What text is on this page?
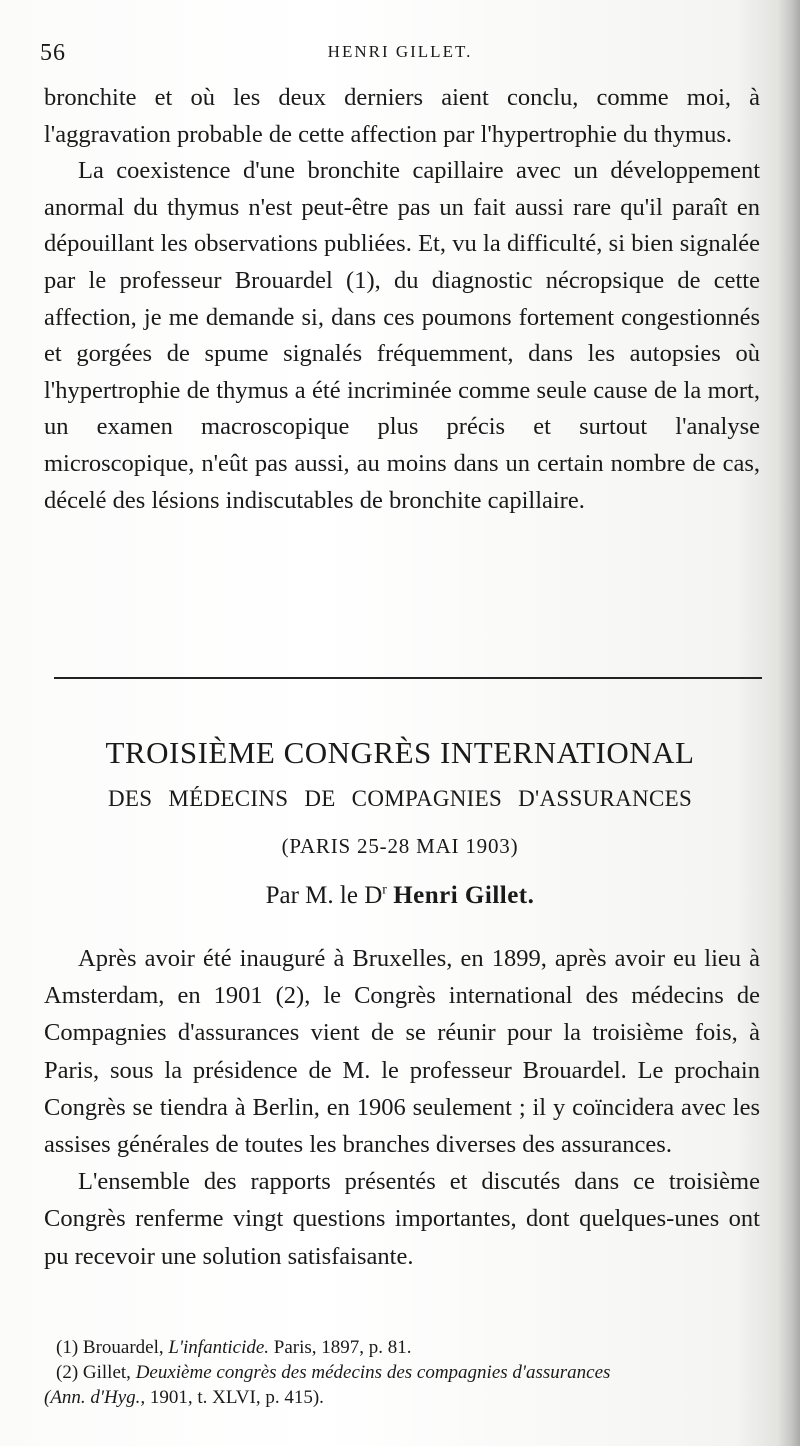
56	HENRI GILLET.

bronchite et où les deux derniers aient conclu, comme moi, à l'aggravation probable de cette affection par l'hypertrophie du thymus.

La coexistence d'une bronchite capillaire avec un développement anormal du thymus n'est peut-être pas un fait aussi rare qu'il paraît en dépouillant les observations publiées. Et, vu la difficulté, si bien signalée par le professeur Brouardel (1), du diagnostic nécropsique de cette affection, je me demande si, dans ces poumons fortement congestionnés et gorgées de spume signalés fréquemment, dans les autopsies où l'hypertrophie de thymus a été incriminée comme seule cause de la mort, un examen macroscopique plus précis et surtout l'analyse microscopique, n'eût pas aussi, au moins dans un certain nombre de cas, décelé des lésions indiscutables de bronchite capillaire.

TROISIÈME CONGRÈS INTERNATIONAL
DES MÉDECINS DE COMPAGNIES D'ASSURANCES
(PARIS 25-28 MAI 1903)
Par M. le $D^r$ Henri Gillet.

Après avoir été inauguré à Bruxelles, en 1899, après avoir eu lieu à Amsterdam, en 1901 (2), le Congrès international des médecins de Compagnies d'assurances vient de se réunir pour la troisième fois, à Paris, sous la présidence de M. le professeur Brouardel. Le prochain Congrès se tiendra à Berlin, en 1906 seulement ; il y coïncidera avec les assises générales de toutes les branches diverses des assurances.

L'ensemble des rapports présentés et discutés dans ce troisième Congrès renferme vingt questions importantes, dont quelques-unes ont pu recevoir une solution satisfaisante.

(1) Brouardel, L'infanticide. Paris, 1897, p. 81.

(2) Gillet, Deuxième congrès des médecins des compagnies d'assurances

(Ann. d'Hyg., 1901, t. XLVI, p. 415).
